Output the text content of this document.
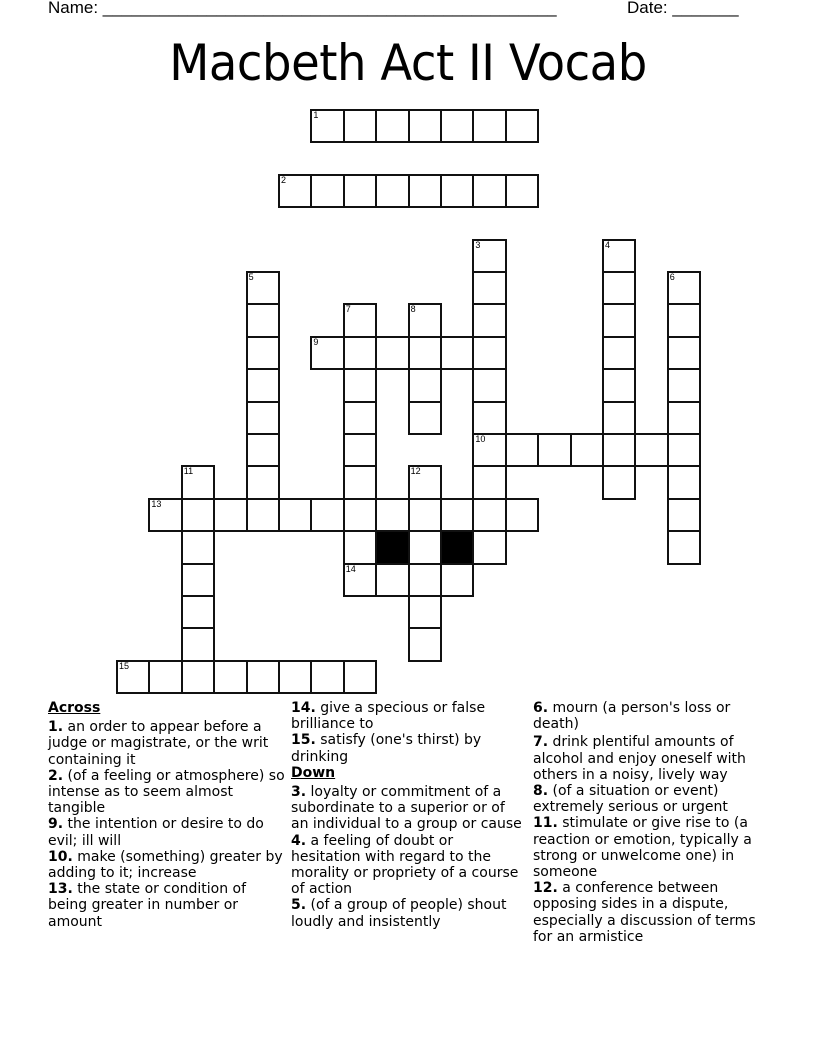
Name: ________________________________________________	Date: _______
Macbeth Act II Vocab
1
2
3	4
5	6
7	8
9
10
11	12
13
14
15
Across
1. an order to appear before a judge or magistrate, or the writ containing it
2. (of a feeling or atmosphere) so intense as to seem almost tangible
9. the intention or desire to do evil; ill will
10. make (something) greater by adding to it; increase
13. the state or condition of being greater in number or amount
14. give a specious or false brilliance to
15. satisfy (one's thirst) by drinking
Down
3. loyalty or commitment of a subordinate to a superior or of an individual to a group or cause
4. a feeling of doubt or hesitation with regard to the morality or propriety of a course of action
5. (of a group of people) shout loudly and insistently
6. mourn (a person's loss or death)
7. drink plentiful amounts of alcohol and enjoy oneself with others in a noisy, lively way
8. (of a situation or event) extremely serious or urgent
11. stimulate or give rise to (a reaction or emotion, typically a strong or unwelcome one) in someone
12. a conference between opposing sides in a dispute, especially a discussion of terms for an armistice
